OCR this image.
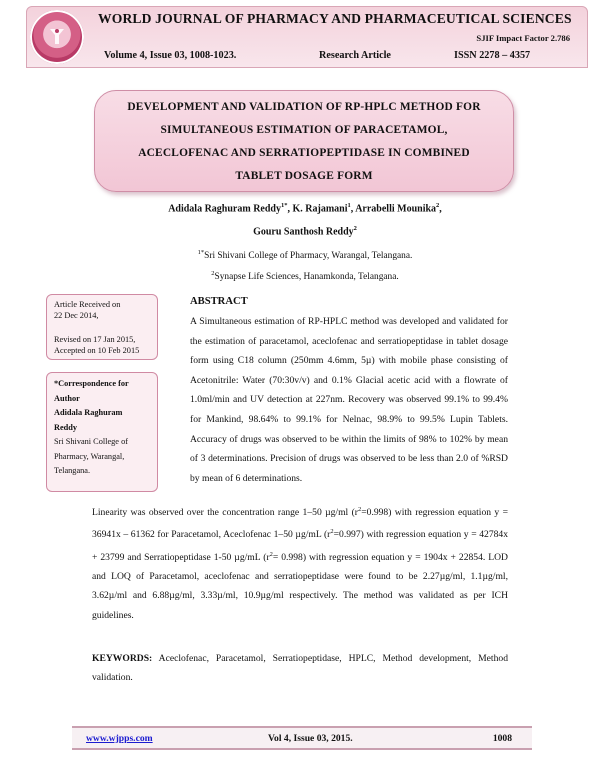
WORLD JOURNAL OF PHARMACY AND PHARMACEUTICAL SCIENCES
SJIF Impact Factor 2.786
Volume 4, Issue 03, 1008-1023.	Research Article	ISSN 2278 – 4357
DEVELOPMENT AND VALIDATION OF RP-HPLC METHOD FOR
SIMULTANEOUS ESTIMATION OF PARACETAMOL,
ACECLOFENAC AND SERRATIOPEPTIDASE IN COMBINED
TABLET DOSAGE FORM
Adidala Raghuram Reddy$^{1*}$, K. Rajamani$^1$, Arrabelli Mounika$^2$,
Gouru Santhosh Reddy$^2$
$^{1*}$Sri Shivani College of Pharmacy, Warangal, Telangana.
$^2$Synapse Life Sciences, Hanamkonda, Telangana.

Article Received on

22 Dec 2014,

Revised on 17 Jan 2015,

Accepted on 10 Feb 2015

*Correspondence for

Author

Adidala Raghuram

Reddy

Sri Shivani College of

Pharmacy, Warangal,

Telangana.

ABSTRACT
A Simultaneous estimation of RP-HPLC method was developed and validated for the estimation of paracetamol, aceclofenac and serratiopeptidase in tablet dosage form using C18 column (250mm 4.6mm, 5µ) with mobile phase consisting of Acetonitrile: Water (70:30v/v) and 0.1% Glacial acetic acid with a flowrate of 1.0ml/min and UV detection at 227nm. Recovery was observed 99.1% to 99.4% for Mankind, 98.64% to 99.1% for Nelnac, 98.9% to 99.5% Lupin Tablets. Accuracy of drugs was observed to be within the limits of 98% to 102% by mean of 3 determinations. Precision of drugs was observed to be less than 2.0 of %RSD by mean of 6 determinations.
Linearity was observed over the concentration range 1–50 µg/ml $(r^2=0.998)$ with regression equation y = 36941x – 61362 for Paracetamol, Aceclofenac 1–50 µg/mL $(r^2=0.997)$ with regression equation y = 42784x + 23799 and Serratiopeptidase 1-50 µg/mL $(r^2= 0.998)$ with regression equation y = 1904x + 22854. LOD and LOQ of Paracetamol, aceclofenac and serratiopeptidase were found to be 2.27µg/ml, 1.1µg/ml, 3.62µ/ml and 6.88µg/ml, 3.33µ/ml, 10.9µg/ml respectively. The method was validated as per ICH guidelines.
KEYWORDS: Aceclofenac, Paracetamol, Serratiopeptidase, HPLC, Method development, Method validation.
www.wjpps.com	Vol 4, Issue 03, 2015.	1008
